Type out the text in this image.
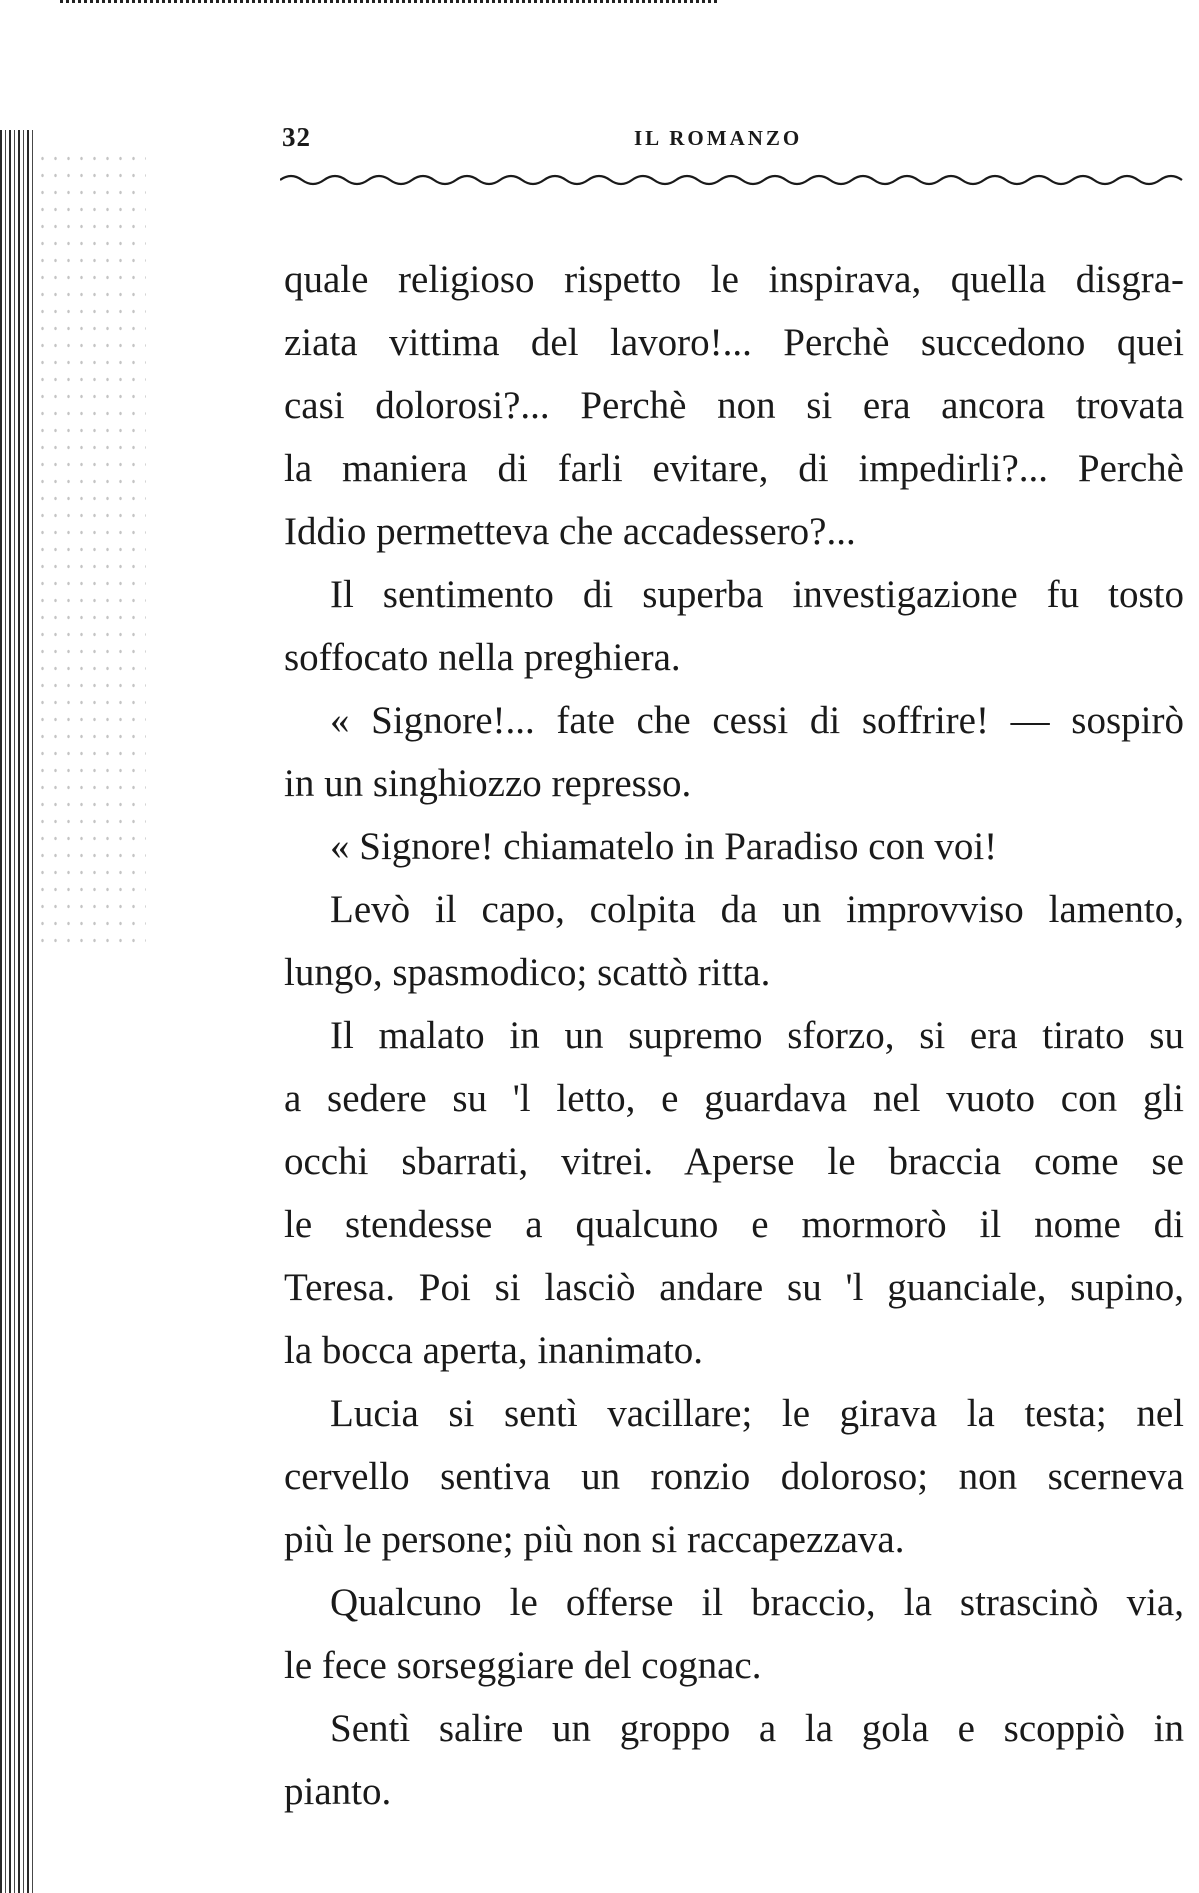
32	IL ROMANZO
quale religioso rispetto le inspirava, quella disgra-
ziata vittima del lavoro!... Perchè succedono quei
casi dolorosi?... Perchè non si era ancora trovata
la maniera di farli evitare, di impedirli?... Perchè
Iddio permetteva che accadessero?...
Il sentimento di superba investigazione fu tosto
soffocato nella preghiera.
« Signore!... fate che cessi di soffrire! — sospirò
in un singhiozzo represso.
« Signore! chiamatelo in Paradiso con voi!
Levò il capo, colpita da un improvviso lamento,
lungo, spasmodico; scattò ritta.
Il malato in un supremo sforzo, si era tirato su
a sedere su 'l letto, e guardava nel vuoto con gli
occhi sbarrati, vitrei. Aperse le braccia come se
le stendesse a qualcuno e mormorò il nome di
Teresa. Poi si lasciò andare su 'l guanciale, supino,
la bocca aperta, inanimato.
Lucia si sentì vacillare; le girava la testa; nel
cervello sentiva un ronzio doloroso; non scerneva
più le persone; più non si raccapezzava.
Qualcuno le offerse il braccio, la strascinò via,
le fece sorseggiare del cognac.
Sentì salire un groppo a la gola e scoppiò in
pianto.
